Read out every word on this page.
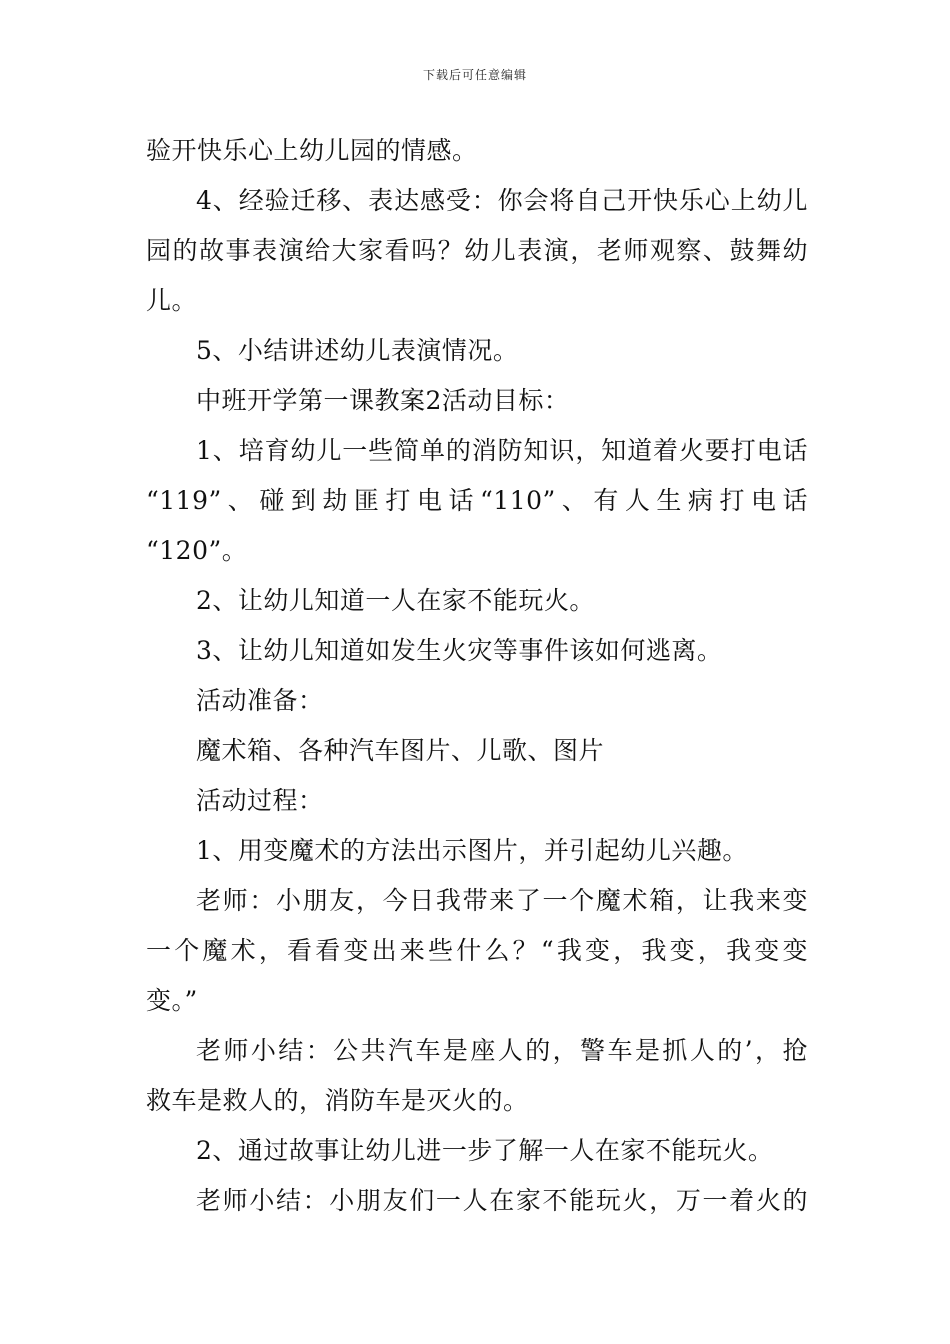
下载后可任意编辑
验开快乐心上幼儿园的情感。
4、经验迁移、表达感受：你会将自己开快乐心上幼儿
园的故事表演给大家看吗？幼儿表演，老师观察、鼓舞幼
儿。
5、小结讲述幼儿表演情况。
中班开学第一课教案2活动目标：
1、培育幼儿一些简单的消防知识，知道着火要打电话
“119”、碰到劫匪打电话“110”、有人生病打电话
“120”。
2、让幼儿知道一人在家不能玩火。
3、让幼儿知道如发生火灾等事件该如何逃离。
活动准备：
魔术箱、各种汽车图片、儿歌、图片
活动过程：
1、用变魔术的方法出示图片，并引起幼儿兴趣。
老师：小朋友，今日我带来了一个魔术箱，让我来变
一个魔术，看看变出来些什么？“我变，我变，我变变
变。”
老师小结：公共汽车是座人的，警车是抓人的’，抢
救车是救人的，消防车是灭火的。
2、通过故事让幼儿进一步了解一人在家不能玩火。
老师小结：小朋友们一人在家不能玩火，万一着火的
